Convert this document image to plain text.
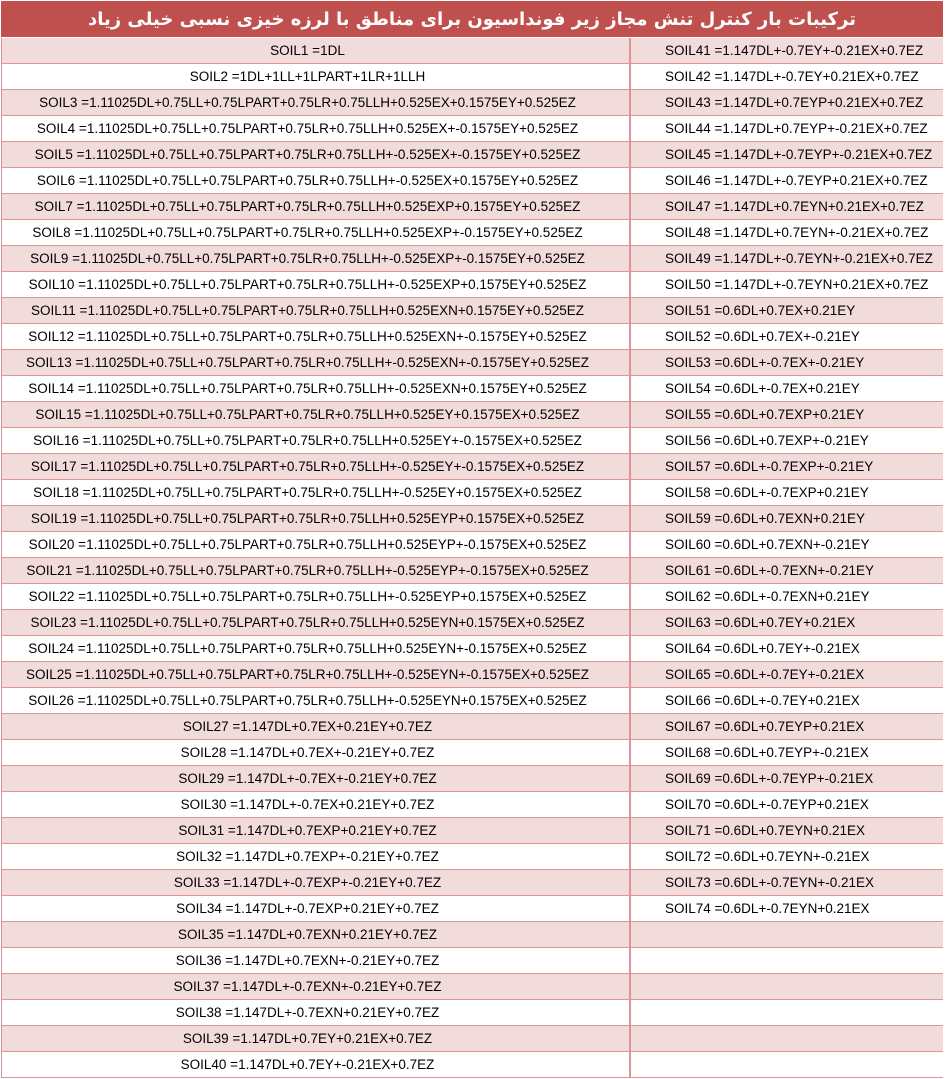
ترکیبات بار کنترل تنش مجاز زیر فونداسیون برای مناطق با لرزه خیزی نسبی خیلی زیاد
SOIL1 =1DL
SOIL2 =1DL+1LL+1LPART+1LR+1LLH
SOIL3 =1.11025DL+0.75LL+0.75LPART+0.75LR+0.75LLH+0.525EX+0.1575EY+0.525EZ
SOIL4 =1.11025DL+0.75LL+0.75LPART+0.75LR+0.75LLH+0.525EX+-0.1575EY+0.525EZ
SOIL5 =1.11025DL+0.75LL+0.75LPART+0.75LR+0.75LLH+-0.525EX+-0.1575EY+0.525EZ
SOIL6 =1.11025DL+0.75LL+0.75LPART+0.75LR+0.75LLH+-0.525EX+0.1575EY+0.525EZ
SOIL7 =1.11025DL+0.75LL+0.75LPART+0.75LR+0.75LLH+0.525EXP+0.1575EY+0.525EZ
SOIL8 =1.11025DL+0.75LL+0.75LPART+0.75LR+0.75LLH+0.525EXP+-0.1575EY+0.525EZ
SOIL9 =1.11025DL+0.75LL+0.75LPART+0.75LR+0.75LLH+-0.525EXP+-0.1575EY+0.525EZ
SOIL10 =1.11025DL+0.75LL+0.75LPART+0.75LR+0.75LLH+-0.525EXP+0.1575EY+0.525EZ
SOIL11 =1.11025DL+0.75LL+0.75LPART+0.75LR+0.75LLH+0.525EXN+0.1575EY+0.525EZ
SOIL12 =1.11025DL+0.75LL+0.75LPART+0.75LR+0.75LLH+0.525EXN+-0.1575EY+0.525EZ
SOIL13 =1.11025DL+0.75LL+0.75LPART+0.75LR+0.75LLH+-0.525EXN+-0.1575EY+0.525EZ
SOIL14 =1.11025DL+0.75LL+0.75LPART+0.75LR+0.75LLH+-0.525EXN+0.1575EY+0.525EZ
SOIL15 =1.11025DL+0.75LL+0.75LPART+0.75LR+0.75LLH+0.525EY+0.1575EX+0.525EZ
SOIL16 =1.11025DL+0.75LL+0.75LPART+0.75LR+0.75LLH+0.525EY+-0.1575EX+0.525EZ
SOIL17 =1.11025DL+0.75LL+0.75LPART+0.75LR+0.75LLH+-0.525EY+-0.1575EX+0.525EZ
SOIL18 =1.11025DL+0.75LL+0.75LPART+0.75LR+0.75LLH+-0.525EY+0.1575EX+0.525EZ
SOIL19 =1.11025DL+0.75LL+0.75LPART+0.75LR+0.75LLH+0.525EYP+0.1575EX+0.525EZ
SOIL20 =1.11025DL+0.75LL+0.75LPART+0.75LR+0.75LLH+0.525EYP+-0.1575EX+0.525EZ
SOIL21 =1.11025DL+0.75LL+0.75LPART+0.75LR+0.75LLH+-0.525EYP+-0.1575EX+0.525EZ
SOIL22 =1.11025DL+0.75LL+0.75LPART+0.75LR+0.75LLH+-0.525EYP+0.1575EX+0.525EZ
SOIL23 =1.11025DL+0.75LL+0.75LPART+0.75LR+0.75LLH+0.525EYN+0.1575EX+0.525EZ
SOIL24 =1.11025DL+0.75LL+0.75LPART+0.75LR+0.75LLH+0.525EYN+-0.1575EX+0.525EZ
SOIL25 =1.11025DL+0.75LL+0.75LPART+0.75LR+0.75LLH+-0.525EYN+-0.1575EX+0.525EZ
SOIL26 =1.11025DL+0.75LL+0.75LPART+0.75LR+0.75LLH+-0.525EYN+0.1575EX+0.525EZ
SOIL27 =1.147DL+0.7EX+0.21EY+0.7EZ
SOIL28 =1.147DL+0.7EX+-0.21EY+0.7EZ
SOIL29 =1.147DL+-0.7EX+-0.21EY+0.7EZ
SOIL30 =1.147DL+-0.7EX+0.21EY+0.7EZ
SOIL31 =1.147DL+0.7EXP+0.21EY+0.7EZ
SOIL32 =1.147DL+0.7EXP+-0.21EY+0.7EZ
SOIL33 =1.147DL+-0.7EXP+-0.21EY+0.7EZ
SOIL34 =1.147DL+-0.7EXP+0.21EY+0.7EZ
SOIL35 =1.147DL+0.7EXN+0.21EY+0.7EZ
SOIL36 =1.147DL+0.7EXN+-0.21EY+0.7EZ
SOIL37 =1.147DL+-0.7EXN+-0.21EY+0.7EZ
SOIL38 =1.147DL+-0.7EXN+0.21EY+0.7EZ
SOIL39 =1.147DL+0.7EY+0.21EX+0.7EZ
SOIL40 =1.147DL+0.7EY+-0.21EX+0.7EZ
SOIL41 =1.147DL+-0.7EY+-0.21EX+0.7EZ
SOIL42 =1.147DL+-0.7EY+0.21EX+0.7EZ
SOIL43 =1.147DL+0.7EYP+0.21EX+0.7EZ
SOIL44 =1.147DL+0.7EYP+-0.21EX+0.7EZ
SOIL45 =1.147DL+-0.7EYP+-0.21EX+0.7EZ
SOIL46 =1.147DL+-0.7EYP+0.21EX+0.7EZ
SOIL47 =1.147DL+0.7EYN+0.21EX+0.7EZ
SOIL48 =1.147DL+0.7EYN+-0.21EX+0.7EZ
SOIL49 =1.147DL+-0.7EYN+-0.21EX+0.7EZ
SOIL50 =1.147DL+-0.7EYN+0.21EX+0.7EZ
SOIL51 =0.6DL+0.7EX+0.21EY
SOIL52 =0.6DL+0.7EX+-0.21EY
SOIL53 =0.6DL+-0.7EX+-0.21EY
SOIL54 =0.6DL+-0.7EX+0.21EY
SOIL55 =0.6DL+0.7EXP+0.21EY
SOIL56 =0.6DL+0.7EXP+-0.21EY
SOIL57 =0.6DL+-0.7EXP+-0.21EY
SOIL58 =0.6DL+-0.7EXP+0.21EY
SOIL59 =0.6DL+0.7EXN+0.21EY
SOIL60 =0.6DL+0.7EXN+-0.21EY
SOIL61 =0.6DL+-0.7EXN+-0.21EY
SOIL62 =0.6DL+-0.7EXN+0.21EY
SOIL63 =0.6DL+0.7EY+0.21EX
SOIL64 =0.6DL+0.7EY+-0.21EX
SOIL65 =0.6DL+-0.7EY+-0.21EX
SOIL66 =0.6DL+-0.7EY+0.21EX
SOIL67 =0.6DL+0.7EYP+0.21EX
SOIL68 =0.6DL+0.7EYP+-0.21EX
SOIL69 =0.6DL+-0.7EYP+-0.21EX
SOIL70 =0.6DL+-0.7EYP+0.21EX
SOIL71 =0.6DL+0.7EYN+0.21EX
SOIL72 =0.6DL+0.7EYN+-0.21EX
SOIL73 =0.6DL+-0.7EYN+-0.21EX
SOIL74 =0.6DL+-0.7EYN+0.21EX
